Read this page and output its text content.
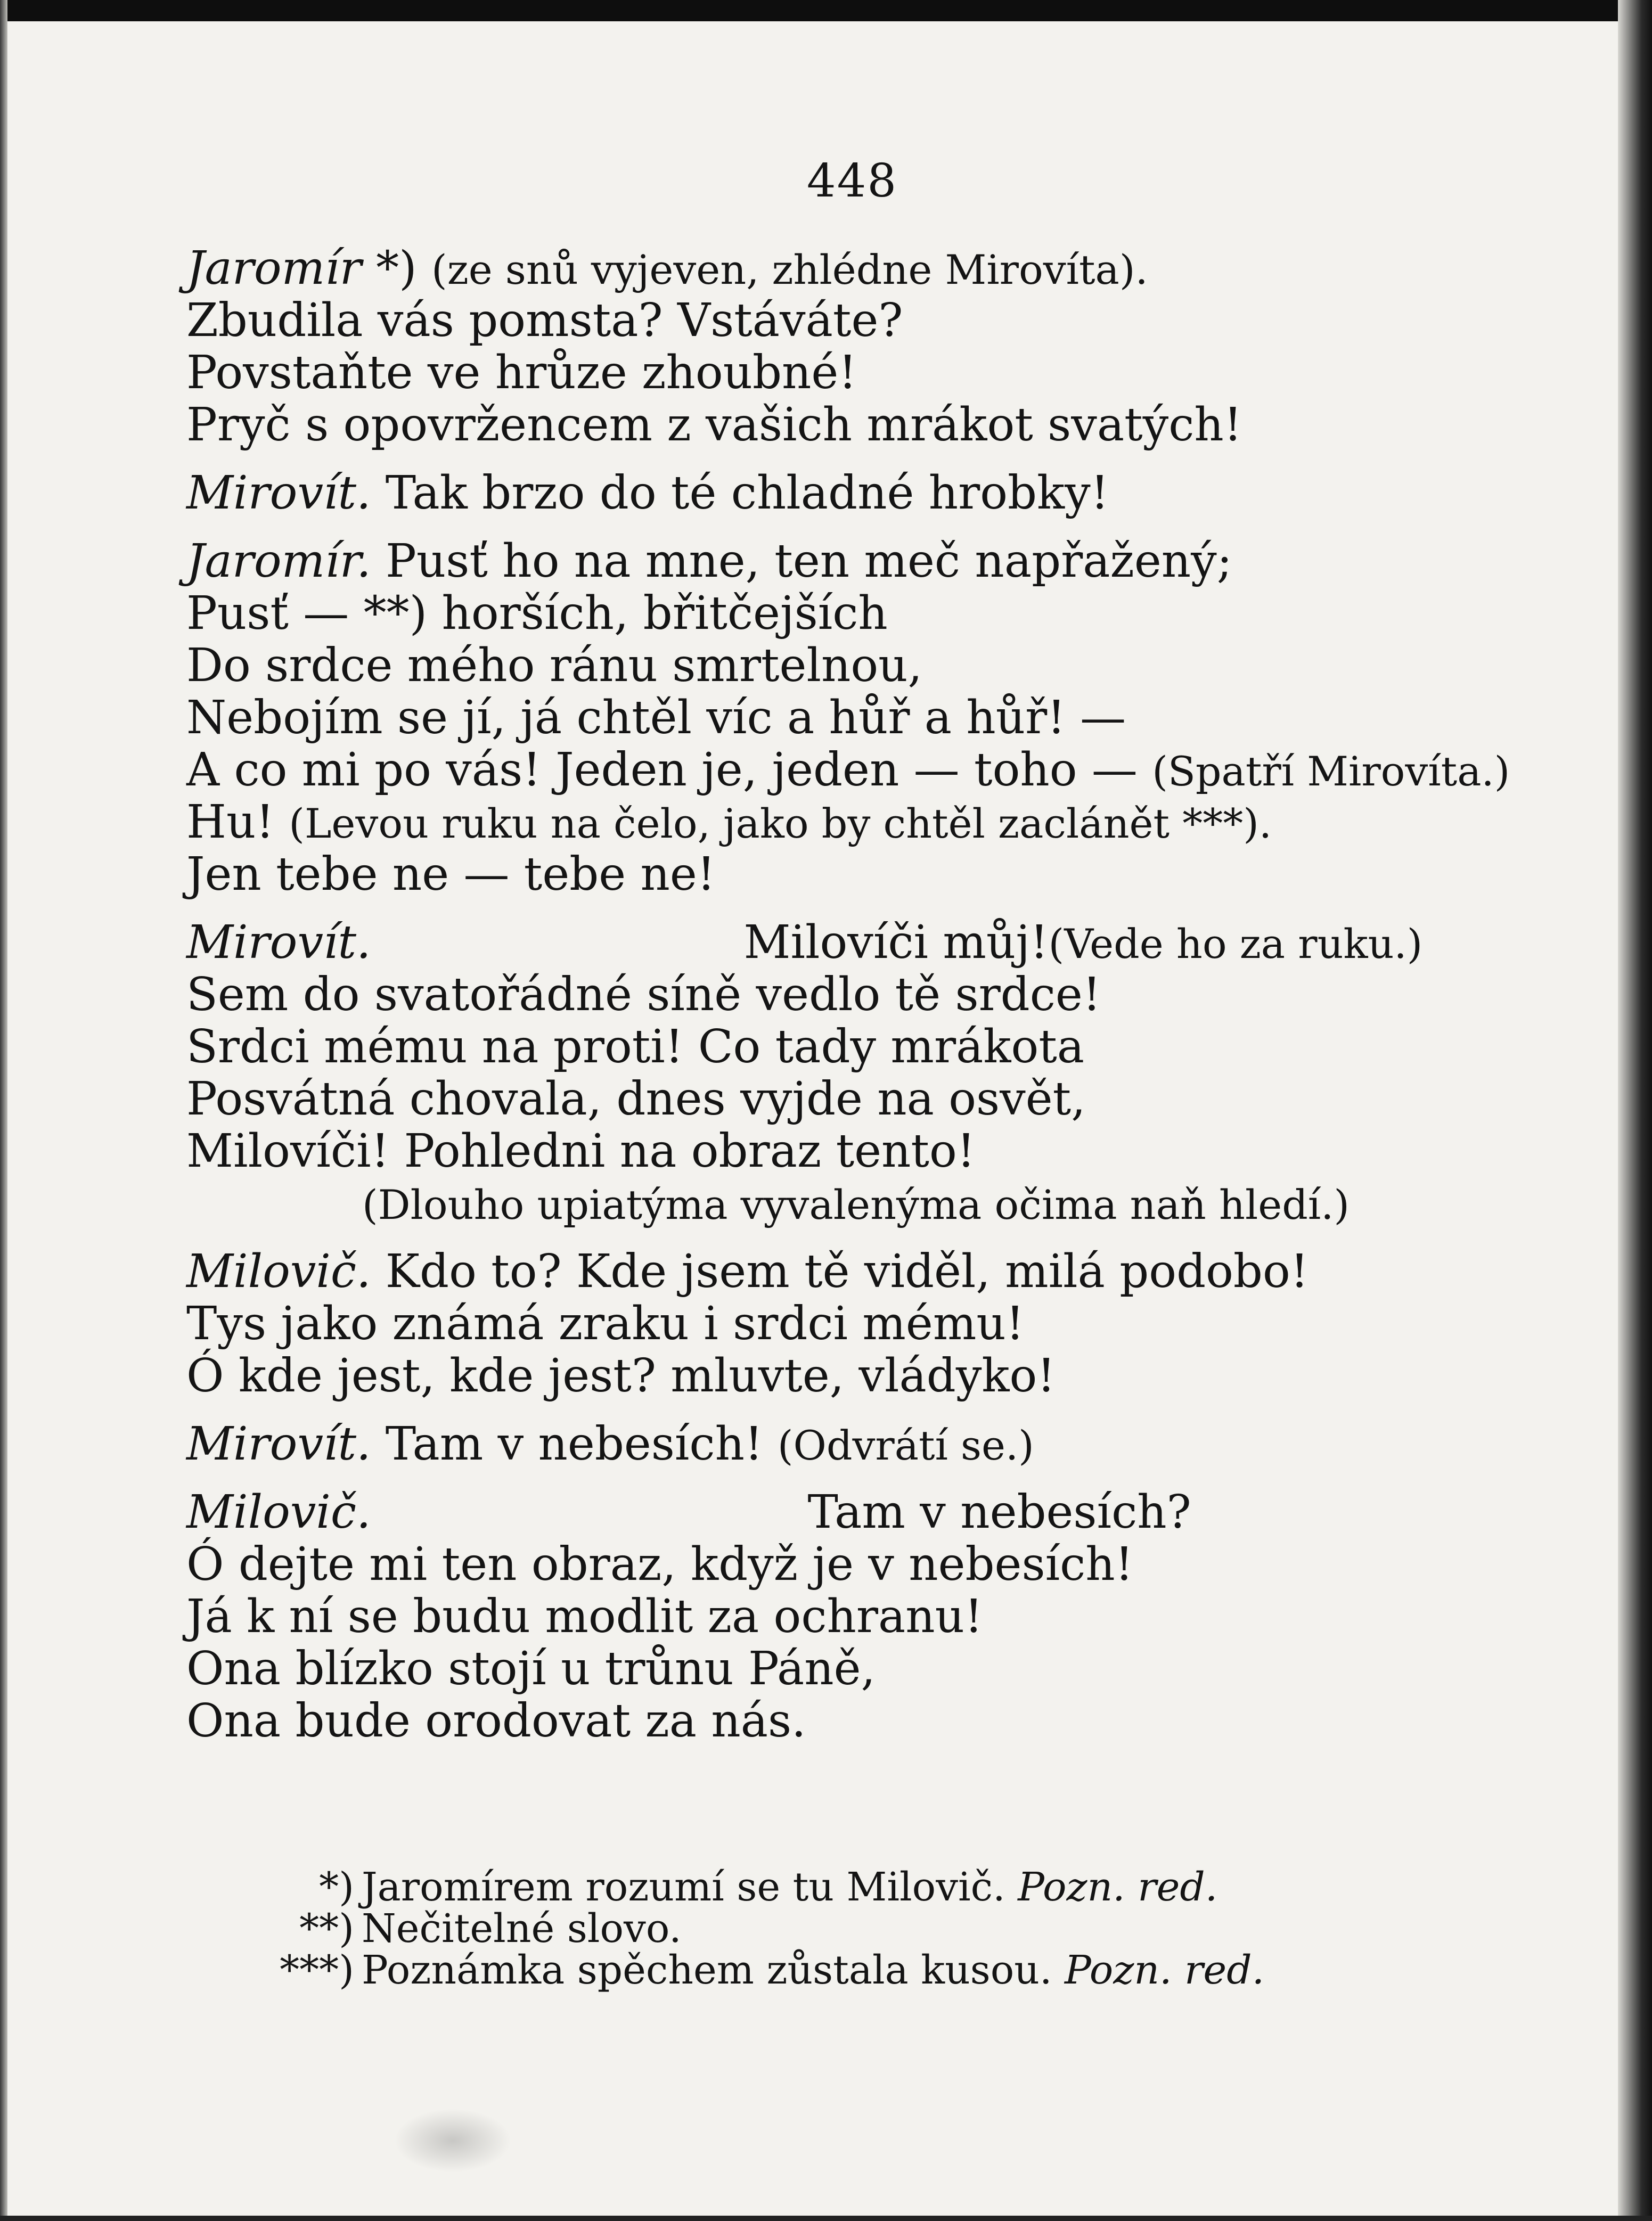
448
Jaromír *) (ze snů vyjeven, zhlédne Mirovíta).
Zbudila vás pomsta? Vstáváte?
Povstaňte ve hrůze zhoubné!
Pryč s opovržencem z vašich mrákot svatých!
Mirovít. Tak brzo do té chladné hrobky!
Jaromír. Pusť ho na mne, ten meč napřažený;
Pusť — **) horších, břitčejších
Do srdce mého ránu smrtelnou,
Nebojím se jí, já chtěl víc a hůř a hůř! —
A co mi po vás! Jeden je, jeden — toho — (Spatří Mirovíta.)
Hu! (Levou ruku na čelo, jako by chtěl zaclánět ***).
Jen tebe ne — tebe ne!
Mirovít.	Milovíči můj!(Vede ho za ruku.)
Sem do svatořádné síně vedlo tě srdce!
Srdci mému na proti! Co tady mrákota
Posvátná chovala, dnes vyjde na osvět,
Milovíči! Pohledni na obraz tento!
(Dlouho upiatýma vyvalenýma očima naň hledí.)
Milovič. Kdo to? Kde jsem tě viděl, milá podobo!
Tys jako známá zraku i srdci mému!
Ó kde jest, kde jest? mluvte, vládyko!
Mirovít. Tam v nebesích! (Odvrátí se.)
Milovič.	Tam v nebesích?
Ó dejte mi ten obraz, když je v nebesích!
Já k ní se budu modlit za ochranu!
Ona blízko stojí u trůnu Páně,
Ona bude orodovat za nás.
*) Jaromírem rozumí se tu Milovič. Pozn. red.
**) Nečitelné slovo.
***) Poznámka spěchem zůstala kusou. Pozn. red.
